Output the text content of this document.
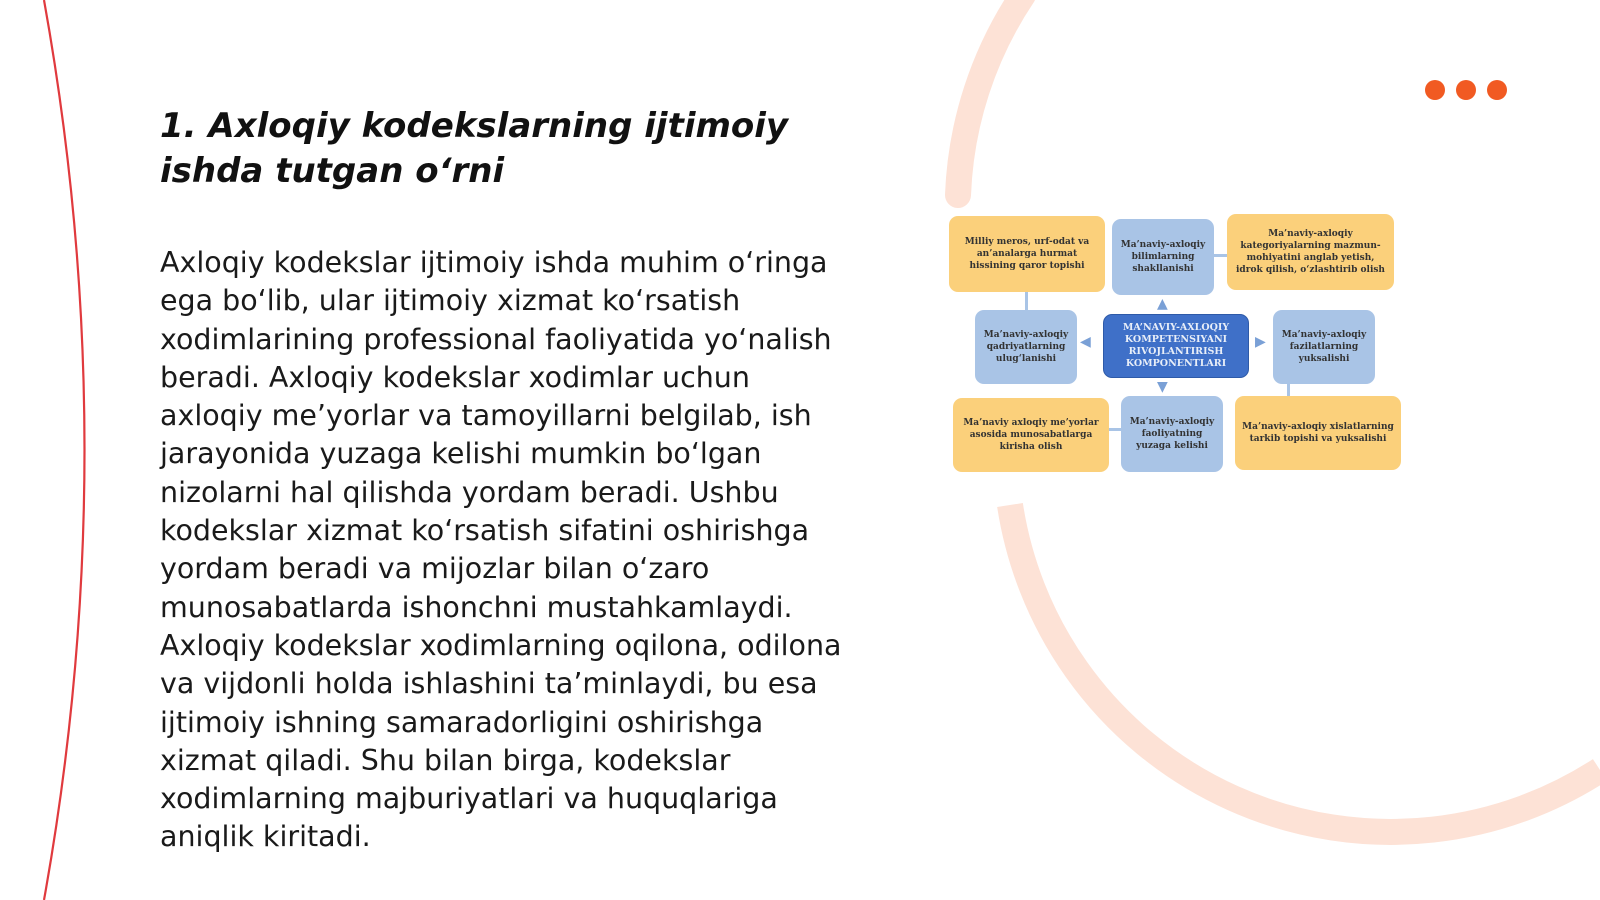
1. Axloqiy kodekslarning ijtimoiy ishda tutgan o‘rni

Axloqiy kodekslar ijtimoiy ishda muhim o‘ringa ega bo‘lib, ular ijtimoiy xizmat ko‘rsatish xodimlarining professional faoliyatida yo‘nalish beradi. Axloqiy kodekslar xodimlar uchun axloqiy me’yorlar va tamoyillarni belgilab, ish jarayonida yuzaga kelishi mumkin bo‘lgan nizolarni hal qilishda yordam beradi. Ushbu kodekslar xizmat ko‘rsatish sifatini oshirishga yordam beradi va mijozlar bilan o‘zaro munosabatlarda ishonchni mustahkamlaydi. Axloqiy kodekslar xodimlarning oqilona, odilona va vijdonli holda ishlashini ta’minlaydi, bu esa ijtimoiy ishning samaradorligini oshirishga xizmat qiladi. Shu bilan birga, kodekslar xodimlarning majburiyatlari va huquqlariga aniqlik kiritadi.

Milliy meros, urf-odat va an’analarga hurmat hissining qaror topishi
Ma’naviy-axloqiy bilimlarning shakllanishi
Ma’naviy-axloqiy kategoriyalarning mazmun-mohiyatini anglab yetish, idrok qilish, o‘zlashtirib olish
Ma’naviy-axloqiy qadriyatlarning ulug‘lanishi
MA’NAVIY-AXLOQIY KOMPETENSIYANI RIVOJLANTIRISH KOMPONENTLARI
Ma’naviy-axloqiy fazilatlarning yuksalishi
▲
▼
◀	▶
Ma’naviy axloqiy me’yorlar asosida munosabatlarga kirisha olish
Ma’naviy-axloqiy faoliyatning yuzaga kelishi
Ma’naviy-axloqiy xislatlarning tarkib topishi va yuksalishi
